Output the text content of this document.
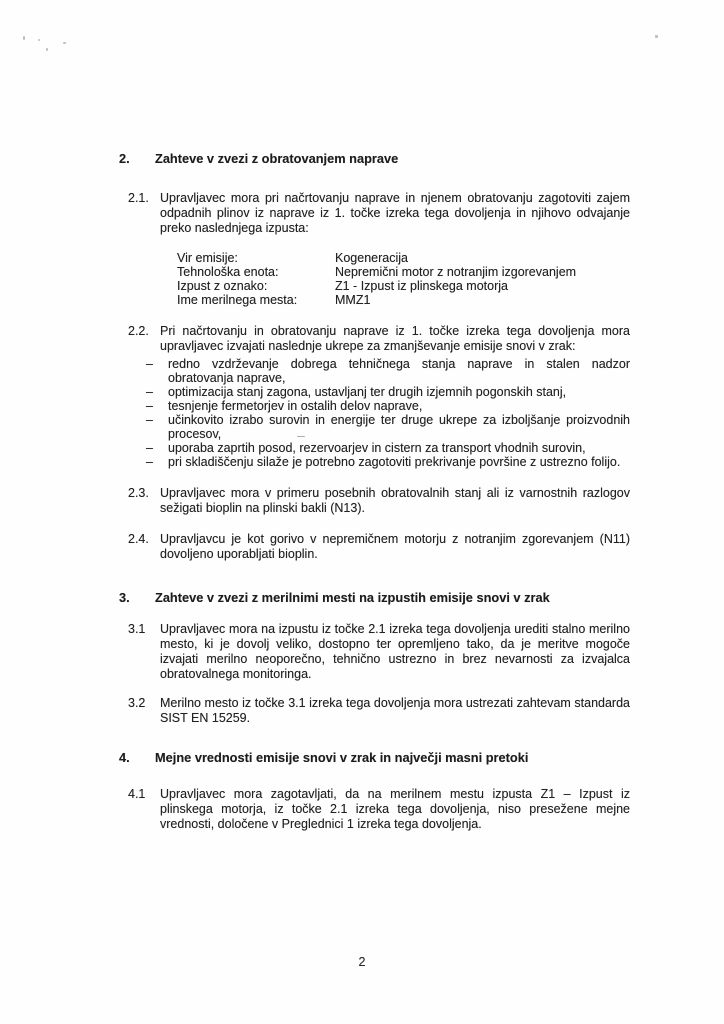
2.	Zahteve v zvezi z obratovanjem naprave
2.1. Upravljavec mora pri načrtovanju naprave in njenem obratovanju zagotoviti zajem odpadnih plinov iz naprave iz 1. točke izreka tega dovoljenja in njihovo odvajanje preko naslednjega izpusta:

Vir emisije:	Kogeneracija
Tehnološka enota:	Nepremični motor z notranjim izgorevanjem
Izpust z oznako:	Z1 - Izpust iz plinskega motorja
Ime merilnega mesta:	MMZ1
2.2. Pri načrtovanju in obratovanju naprave iz 1. točke izreka tega dovoljenja mora upravljavec izvajati naslednje ukrepe za zmanjševanje emisije snovi v zrak:

–	redno vzdrževanje dobrega tehničnega stanja naprave in stalen nadzor obratovanja naprave,

–	optimizacija stanj zagona, ustavljanj ter drugih izjemnih pogonskih stanj,

–	tesnjenje fermetorjev in ostalih delov naprave,

–	učinkovito izrabo surovin in energije ter druge ukrepe za izboljšanje proizvodnih procesov,

–	uporaba zaprtih posod, rezervoarjev in cistern za transport vhodnih surovin,

–	pri skladiščenju silaže je potrebno zagotoviti prekrivanje površine z ustrezno folijo.

2.3. Upravljavec mora v primeru posebnih obratovalnih stanj ali iz varnostnih razlogov sežigati bioplin na plinski bakli (N13).

2.4. Upravljavcu je kot gorivo v nepremičnem motorju z notranjim zgorevanjem (N11) dovoljeno uporabljati bioplin.

3.	Zahteve v zvezi z merilnimi mesti na izpustih emisije snovi v zrak
3.1	Upravljavec mora na izpustu iz točke 2.1 izreka tega dovoljenja urediti stalno merilno mesto, ki je dovolj veliko, dostopno ter opremljeno tako, da je meritve mogoče izvajati merilno neoporečno, tehnično ustrezno in brez nevarnosti za izvajalca obratovalnega monitoringa.

3.2	Merilno mesto iz točke 3.1 izreka tega dovoljenja mora ustrezati zahtevam standarda SIST EN 15259.

4.	Mejne vrednosti emisije snovi v zrak in največji masni pretoki
4.1	Upravljavec mora zagotavljati, da na merilnem mestu izpusta Z1 – Izpust iz plinskega motorja, iz točke 2.1 izreka tega dovoljenja, niso presežene mejne vrednosti, določene v Preglednici 1 izreka tega dovoljenja.

2
